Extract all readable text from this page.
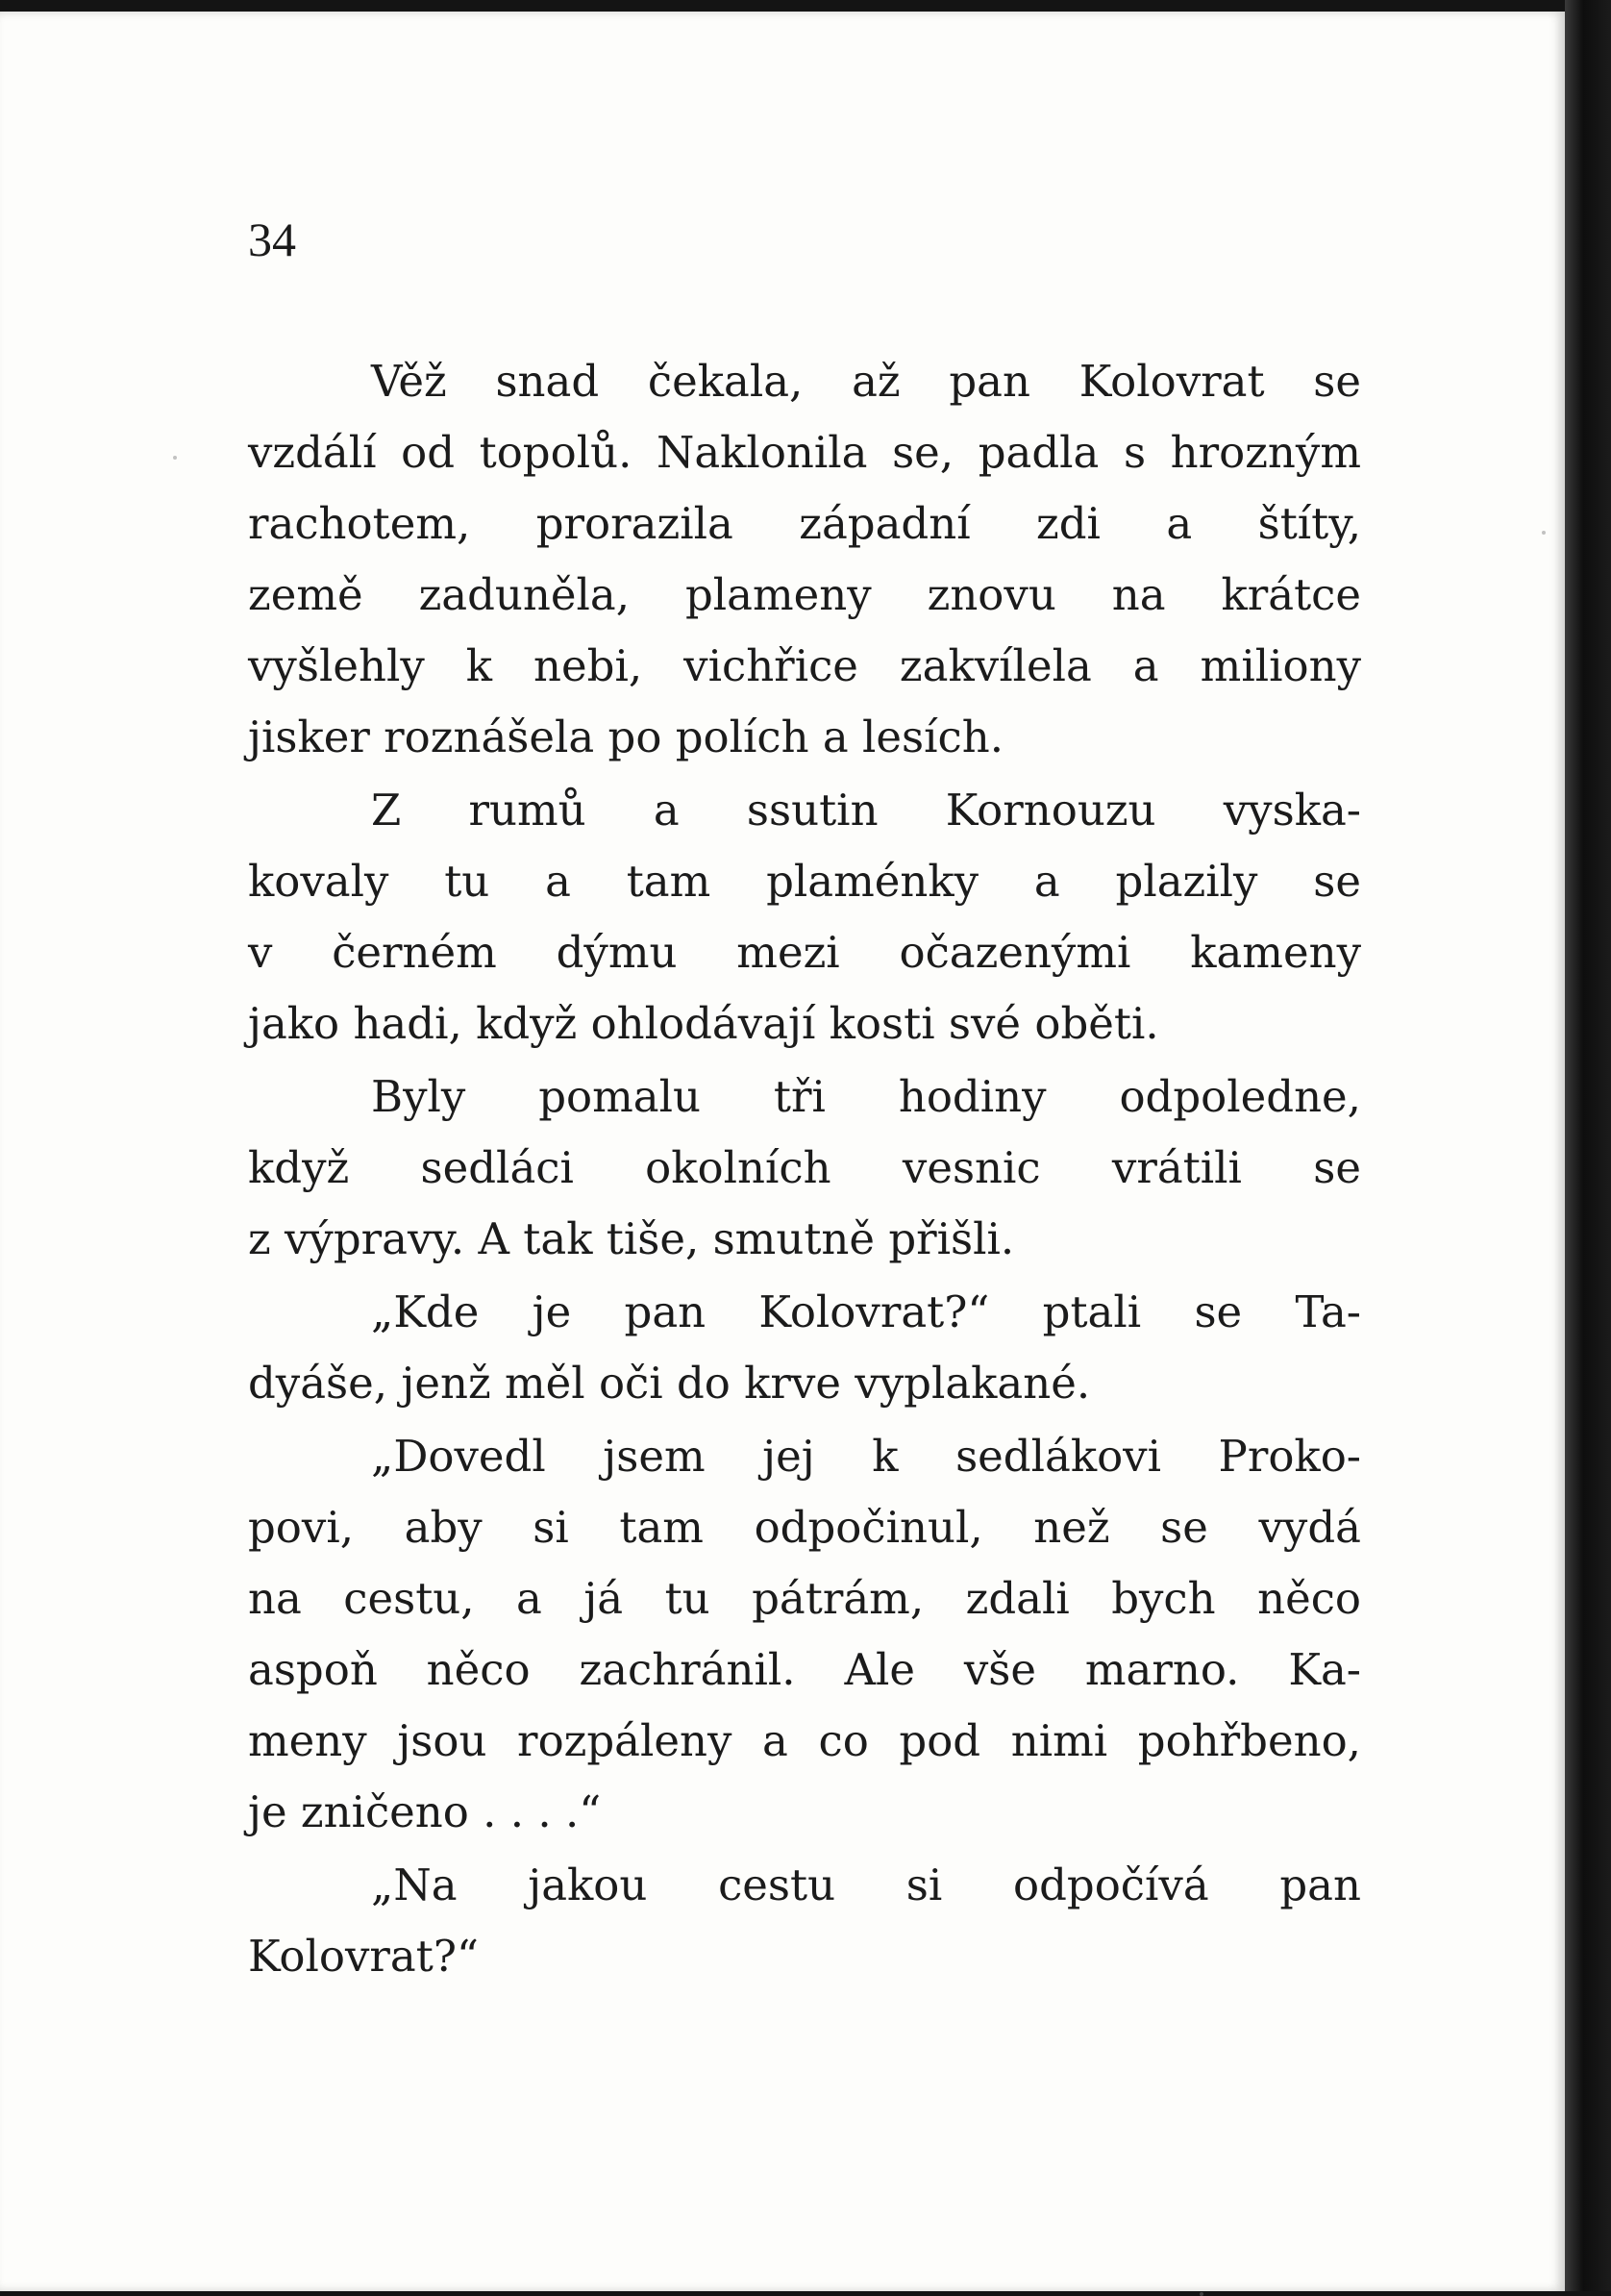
34
Věž snad čekala, až pan Kolovrat se
vzdálí od topolů. Naklonila se, padla s hrozným
rachotem, prorazila západní zdi a štíty,
země zaduněla, plameny znovu na krátce
vyšlehly k nebi, vichřice zakvílela a miliony
jisker roznášela po polích a lesích.
Z rumů a ssutin Kornouzu vyska-
kovaly tu a tam plaménky a plazily se
v černém dýmu mezi očazenými kameny
jako hadi, když ohlodávají kosti své oběti.
Byly pomalu tři hodiny odpoledne,
když sedláci okolních vesnic vrátili se
z výpravy. A tak tiše, smutně přišli.
„Kde je pan Kolovrat?“ ptali se Ta-
dyáše, jenž měl oči do krve vyplakané.
„Dovedl jsem jej k sedlákovi Proko-
povi, aby si tam odpočinul, než se vydá
na cestu, a já tu pátrám, zdali bych něco
aspoň něco zachránil. Ale vše marno. Ka-
meny jsou rozpáleny a co pod nimi pohřbeno,
je zničeno . . . .“
„Na jakou cestu si odpočívá pan
Kolovrat?“
